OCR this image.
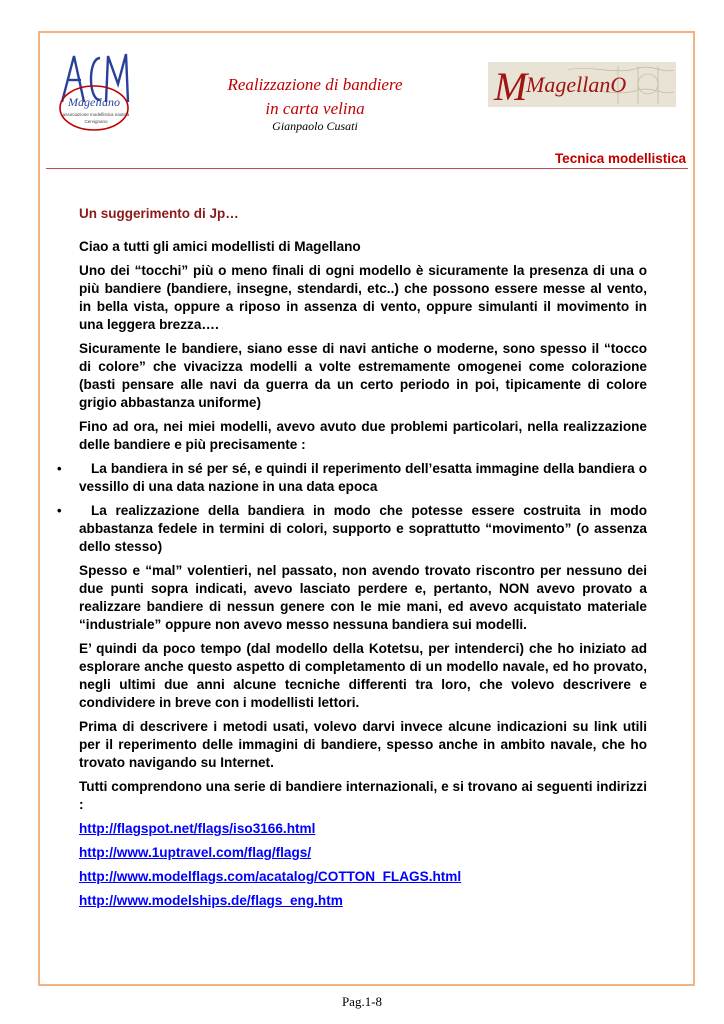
Magellano
associazione modellistica nautica
Cervignano
ACM
M
MagellanO
Realizzazione di bandiere
in carta velina
Gianpaolo Cusati
Tecnica modellistica
Un suggerimento di Jp…
Ciao a tutti gli amici modellisti di Magellano
Uno dei “tocchi” più o meno finali di ogni modello è sicuramente la presenza di una o più bandiere (bandiere, insegne, stendardi, etc..) che possono essere messe al vento, in bella vista, oppure a riposo in assenza di vento, oppure simulanti il movimento in una leggera brezza….
Sicuramente le bandiere, siano esse di navi antiche o moderne, sono spesso il “tocco di colore” che vivacizza modelli a volte estremamente omogenei come colorazione (basti pensare alle navi da guerra da un certo periodo in poi, tipicamente di colore grigio abbastanza uniforme)
Fino ad ora, nei miei modelli, avevo avuto due problemi particolari, nella realizzazione delle bandiere e più precisamente :
•	La bandiera in sé per sé, e quindi il reperimento dell’esatta immagine della bandiera o vessillo di una data nazione in una data epoca
•	La realizzazione della bandiera in modo che potesse essere costruita in modo abbastanza fedele in termini di colori, supporto e soprattutto “movimento” (o assenza dello stesso)
Spesso e “mal” volentieri, nel passato, non avendo trovato riscontro per nessuno dei due punti sopra indicati, avevo lasciato perdere e, pertanto, NON avevo provato a realizzare bandiere di nessun genere con le mie mani, ed avevo acquistato materiale “industriale” oppure non avevo messo nessuna bandiera sui modelli.
E’ quindi da poco tempo (dal modello della Kotetsu, per intenderci) che ho iniziato ad esplorare anche questo aspetto di completamento di un modello navale, ed ho provato, negli ultimi due anni alcune tecniche differenti tra loro, che volevo descrivere e condividere in breve con i modellisti lettori.
Prima di descrivere i metodi usati, volevo darvi invece alcune indicazioni su link utili per il reperimento delle immagini di bandiere, spesso anche in ambito navale, che ho trovato navigando su Internet.
Tutti comprendono una serie di bandiere internazionali, e si trovano ai seguenti indirizzi :
http://flagspot.net/flags/iso3166.html
http://www.1uptravel.com/flag/flags/
http://www.modelflags.com/acatalog/COTTON_FLAGS.html
http://www.modelships.de/flags_eng.htm
Pag.1-8
